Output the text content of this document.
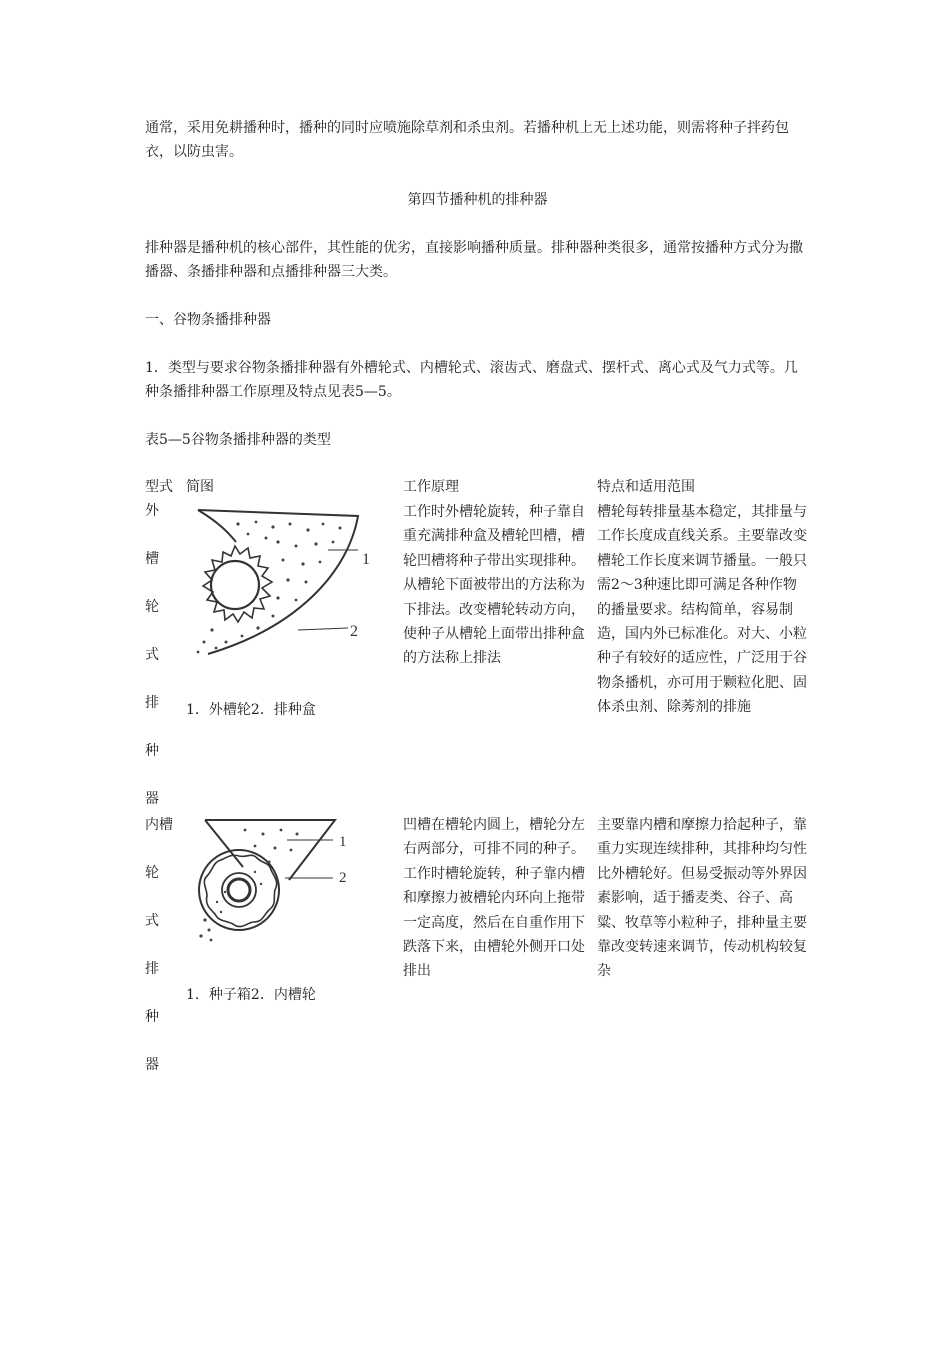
通常，采用免耕播种时，播种的同时应喷施除草剂和杀虫剂。若播种机上无上述功能，则需将种子拌药包衣，以防虫害。

第四节播种机的排种器

排种器是播种机的核心部件，其性能的优劣，直接影响播种质量。排种器种类很多，通常按播种方式分为撒播器、条播排种器和点播排种器三大类。

一、谷物条播排种器

1．类型与要求谷物条播排种器有外槽轮式、内槽轮式、滚齿式、磨盘式、摆杆式、离心式及气力式等。几种条播排种器工作原理及特点见表5—5。

表5—5谷物条播排种器的类型

型式 简图	工作原理	特点和适用范围
外
槽
轮
式
排
种
器
1
2
1．外槽轮2．排种盒
工作时外槽轮旋转，种子靠自重充满排种盒及槽轮凹槽，槽轮凹槽将种子带出实现排种。从槽轮下面被带出的方法称为下排法。改变槽轮转动方向，使种子从槽轮上面带出排种盒的方法称上排法
槽轮每转排量基本稳定，其排量与工作长度成直线关系。主要靠改变槽轮工作长度来调节播量。一般只需2～3种速比即可满足各种作物的播量要求。结构简单，容易制造，国内外已标准化。对大、小粒种子有较好的适应性，广泛用于谷物条播机，亦可用于颗粒化肥、固体杀虫剂、除莠剂的排施
内槽
轮
式
排
种
器
1
2
1．种子箱2．内槽轮
凹槽在槽轮内圆上，槽轮分左右两部分，可排不同的种子。工作时槽轮旋转，种子靠内槽和摩擦力被槽轮内环向上拖带一定高度，然后在自重作用下跌落下来，由槽轮外侧开口处排出
主要靠内槽和摩擦力拾起种子，靠重力实现连续排种，其排种均匀性比外槽轮好。但易受振动等外界因素影响，适于播麦类、谷子、高粱、牧草等小粒种子，排种量主要靠改变转速来调节，传动机构较复杂
